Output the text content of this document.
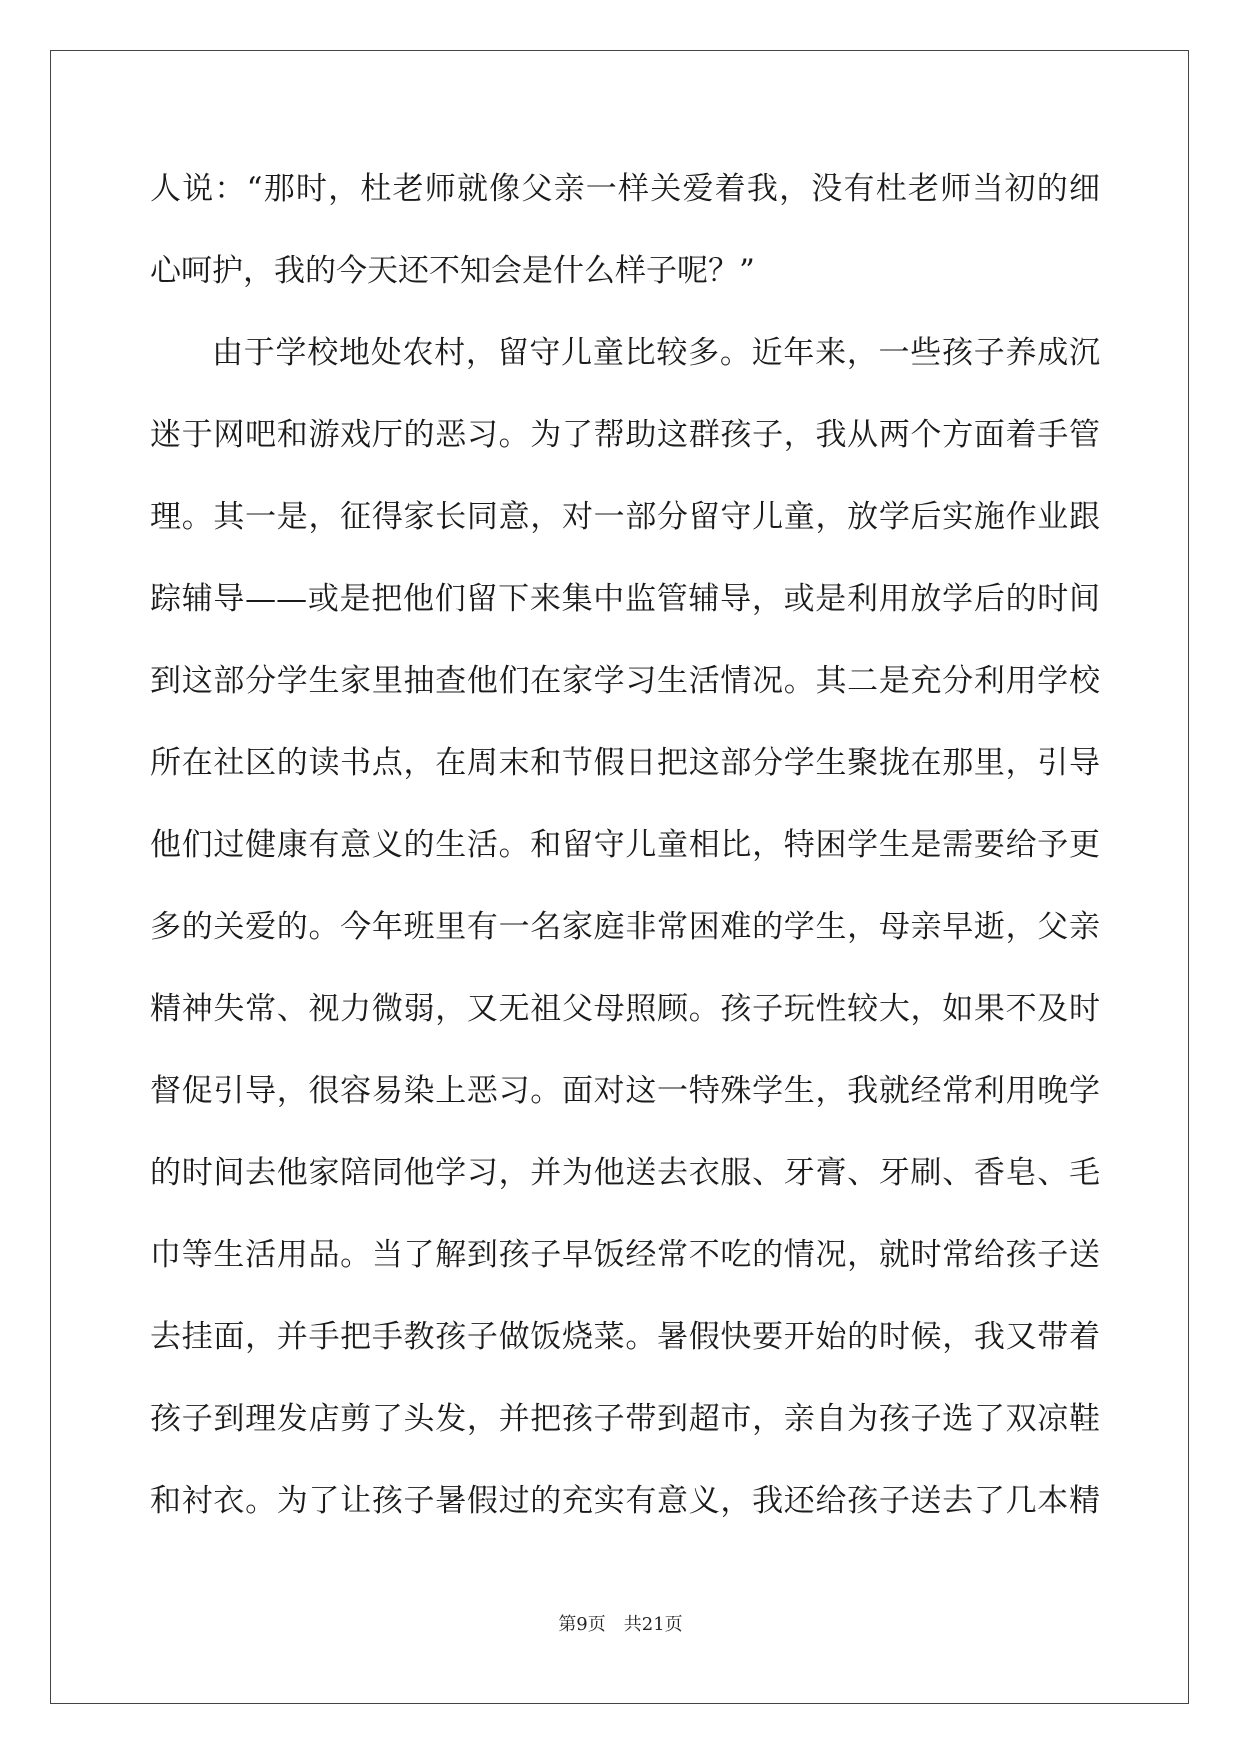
人说：“那时，杜老师就像父亲一样关爱着我，没有杜老师当初的细
心呵护，我的今天还不知会是什么样子呢？”
由于学校地处农村，留守儿童比较多。近年来，一些孩子养成沉
迷于网吧和游戏厅的恶习。为了帮助这群孩子，我从两个方面着手管
理。其一是，征得家长同意，对一部分留守儿童，放学后实施作业跟
踪辅导——或是把他们留下来集中监管辅导，或是利用放学后的时间
到这部分学生家里抽查他们在家学习生活情况。其二是充分利用学校
所在社区的读书点，在周末和节假日把这部分学生聚拢在那里，引导
他们过健康有意义的生活。和留守儿童相比，特困学生是需要给予更
多的关爱的。今年班里有一名家庭非常困难的学生，母亲早逝，父亲
精神失常、视力微弱，又无祖父母照顾。孩子玩性较大，如果不及时
督促引导，很容易染上恶习。面对这一特殊学生，我就经常利用晚学
的时间去他家陪同他学习，并为他送去衣服、牙膏、牙刷、香皂、毛
巾等生活用品。当了解到孩子早饭经常不吃的情况，就时常给孩子送
去挂面，并手把手教孩子做饭烧菜。暑假快要开始的时候，我又带着
孩子到理发店剪了头发，并把孩子带到超市，亲自为孩子选了双凉鞋
和衬衣。为了让孩子暑假过的充实有意义，我还给孩子送去了几本精
第9页　共21页
